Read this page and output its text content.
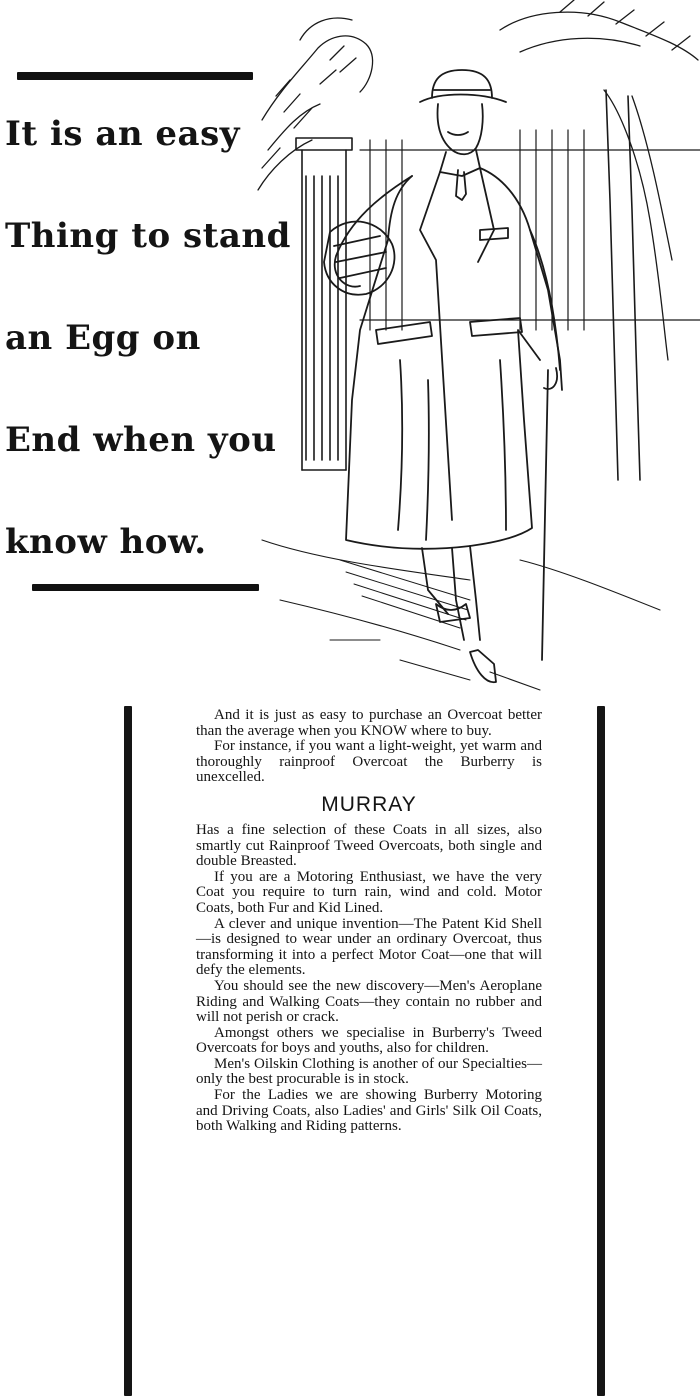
It is an easy
Thing to stand
an Egg on
End when you
know how.

And it is just as easy to purchase an Overcoat better than the average when you KNOW where to buy.

For instance, if you want a light-weight, yet warm and thoroughly rainproof Overcoat the Burberry is unexcelled.

MURRAY

Has a fine selection of these Coats in all sizes, also smartly cut Rainproof Tweed Overcoats, both single and double Breasted.

If you are a Motoring Enthusiast, we have the very Coat you require to turn rain, wind and cold. Motor Coats, both Fur and Kid Lined.

A clever and unique invention—The Patent Kid Shell—is designed to wear under an ordinary Overcoat, thus transforming it into a perfect Motor Coat—one that will defy the elements.

You should see the new discovery—Men's Aeroplane Riding and Walking Coats—they contain no rubber and will not perish or crack.

Amongst others we specialise in Burberry's Tweed Overcoats for boys and youths, also for children.

Men's Oilskin Clothing is another of our Specialties—only the best procurable is in stock.

For the Ladies we are showing Burberry Motoring and Driving Coats, also Ladies' and Girls' Silk Oil Coats, both Walking and Riding patterns.
